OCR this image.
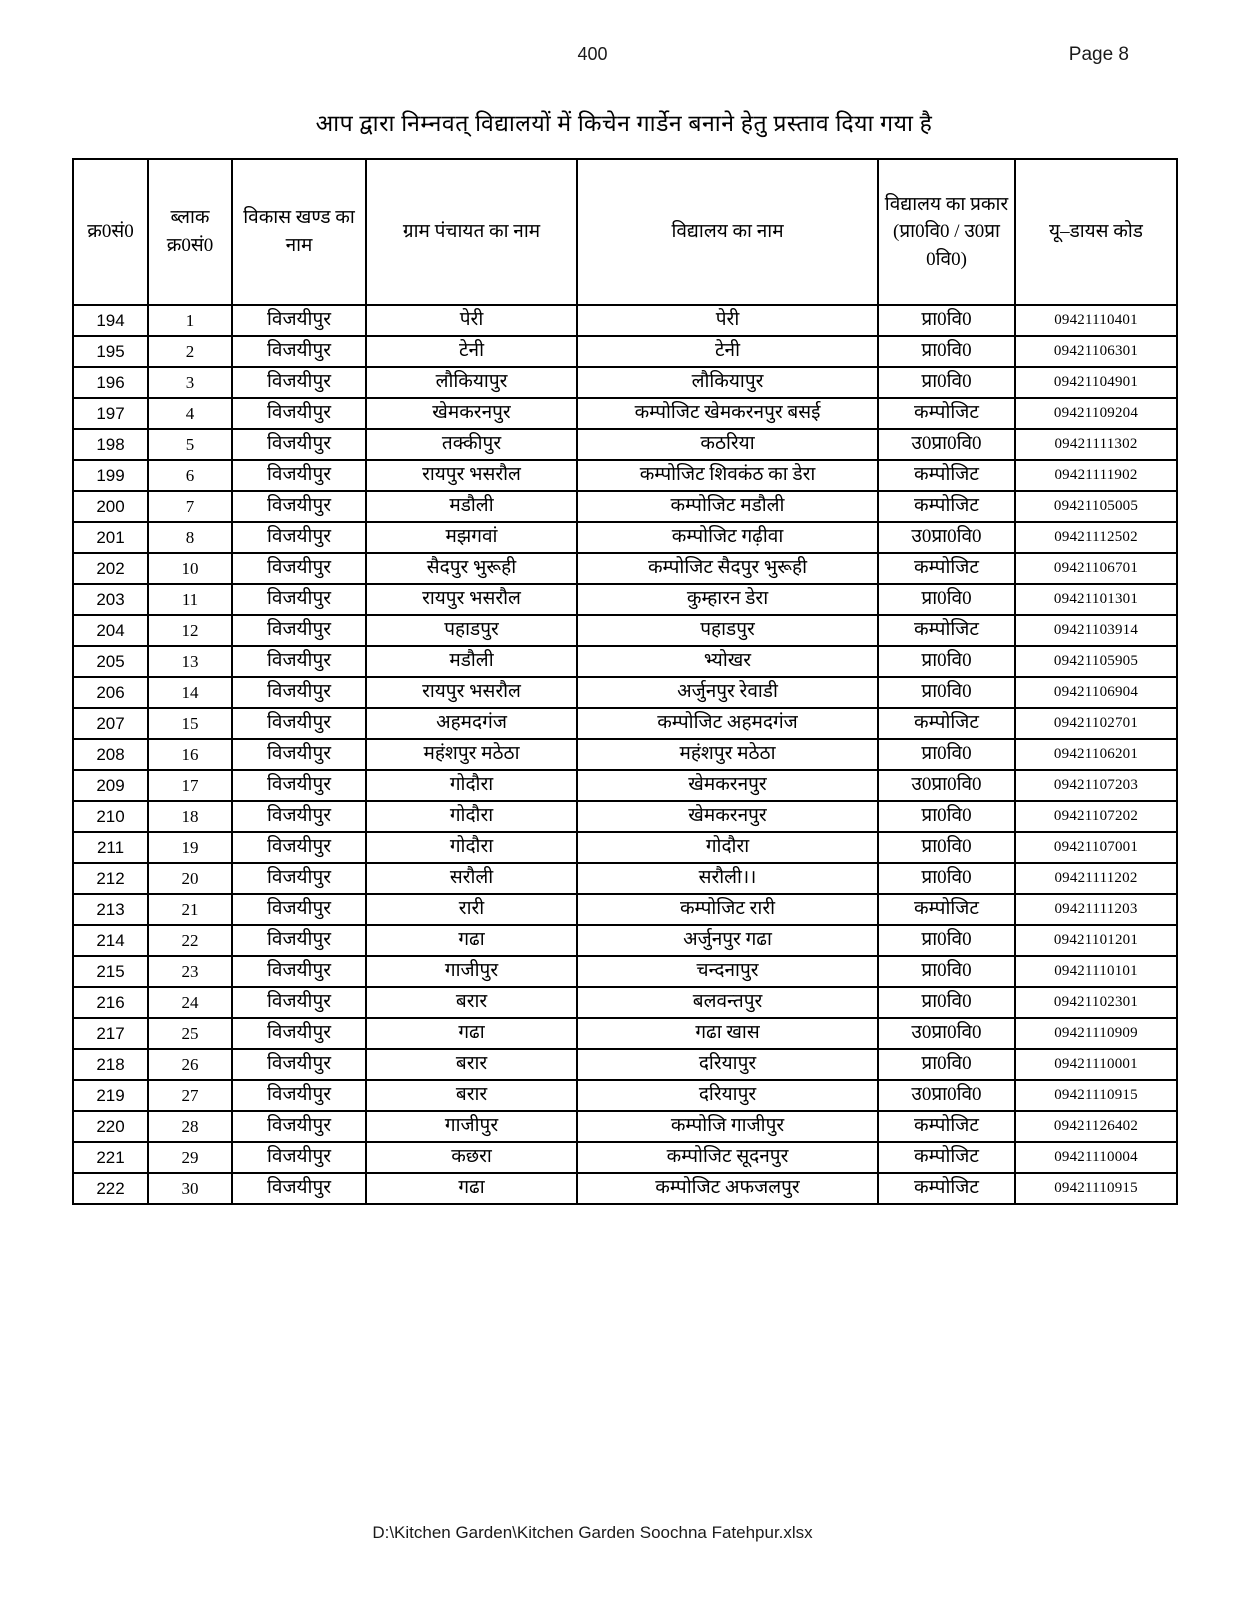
400	Page 8
आप द्वारा निम्नवत् विद्यालयों में किचेन गार्डेन बनाने हेतु प्रस्ताव दिया गया है
क्र0सं0	ब्लाक क्र0सं0	विकास खण्ड का नाम	ग्राम पंचायत का नाम	विद्यालय का नाम	विद्यालय का प्रकार (प्रा0वि0 / उ0प्रा 0वि0)	यू–डायस कोड
194	1	विजयीपुर	पेरी	पेरी	प्रा0वि0	09421110401
195	2	विजयीपुर	टेनी	टेनी	प्रा0वि0	09421106301
196	3	विजयीपुर	लौकियापुर	लौकियापुर	प्रा0वि0	09421104901
197	4	विजयीपुर	खेमकरनपुर	कम्पोजिट खेमकरनपुर बसई	कम्पोजिट	09421109204
198	5	विजयीपुर	तक्कीपुर	कठरिया	उ0प्रा0वि0	09421111302
199	6	विजयीपुर	रायपुर भसरौल	कम्पोजिट शिवकंठ का डेरा	कम्पोजिट	09421111902
200	7	विजयीपुर	मडौली	कम्पोजिट मडौली	कम्पोजिट	09421105005
201	8	विजयीपुर	मझगवां	कम्पोजिट गढ़ीवा	उ0प्रा0वि0	09421112502
202	10	विजयीपुर	सैदपुर भुरूही	कम्पोजिट सैदपुर भुरूही	कम्पोजिट	09421106701
203	11	विजयीपुर	रायपुर भसरौल	कुम्हारन डेरा	प्रा0वि0	09421101301
204	12	विजयीपुर	पहाडपुर	पहाडपुर	कम्पोजिट	09421103914
205	13	विजयीपुर	मडौली	भ्योखर	प्रा0वि0	09421105905
206	14	विजयीपुर	रायपुर भसरौल	अर्जुनपुर रेवाडी	प्रा0वि0	09421106904
207	15	विजयीपुर	अहमदगंज	कम्पोजिट अहमदगंज	कम्पोजिट	09421102701
208	16	विजयीपुर	महंशपुर मठेठा	महंशपुर मठेठा	प्रा0वि0	09421106201
209	17	विजयीपुर	गोदौरा	खेमकरनपुर	उ0प्रा0वि0	09421107203
210	18	विजयीपुर	गोदौरा	खेमकरनपुर	प्रा0वि0	09421107202
211	19	विजयीपुर	गोदौरा	गोदौरा	प्रा0वि0	09421107001
212	20	विजयीपुर	सरौली	सरौली।।	प्रा0वि0	09421111202
213	21	विजयीपुर	रारी	कम्पोजिट रारी	कम्पोजिट	09421111203
214	22	विजयीपुर	गढा	अर्जुनपुर गढा	प्रा0वि0	09421101201
215	23	विजयीपुर	गाजीपुर	चन्दनापुर	प्रा0वि0	09421110101
216	24	विजयीपुर	बरार	बलवन्तपुर	प्रा0वि0	09421102301
217	25	विजयीपुर	गढा	गढा खास	उ0प्रा0वि0	09421110909
218	26	विजयीपुर	बरार	दरियापुर	प्रा0वि0	09421110001
219	27	विजयीपुर	बरार	दरियापुर	उ0प्रा0वि0	09421110915
220	28	विजयीपुर	गाजीपुर	कम्पोजि गाजीपुर	कम्पोजिट	09421126402
221	29	विजयीपुर	कछरा	कम्पोजिट सूदनपुर	कम्पोजिट	09421110004
222	30	विजयीपुर	गढा	कम्पोजिट अफजलपुर	कम्पोजिट	09421110915
D:\Kitchen Garden\Kitchen Garden Soochna Fatehpur.xlsx
